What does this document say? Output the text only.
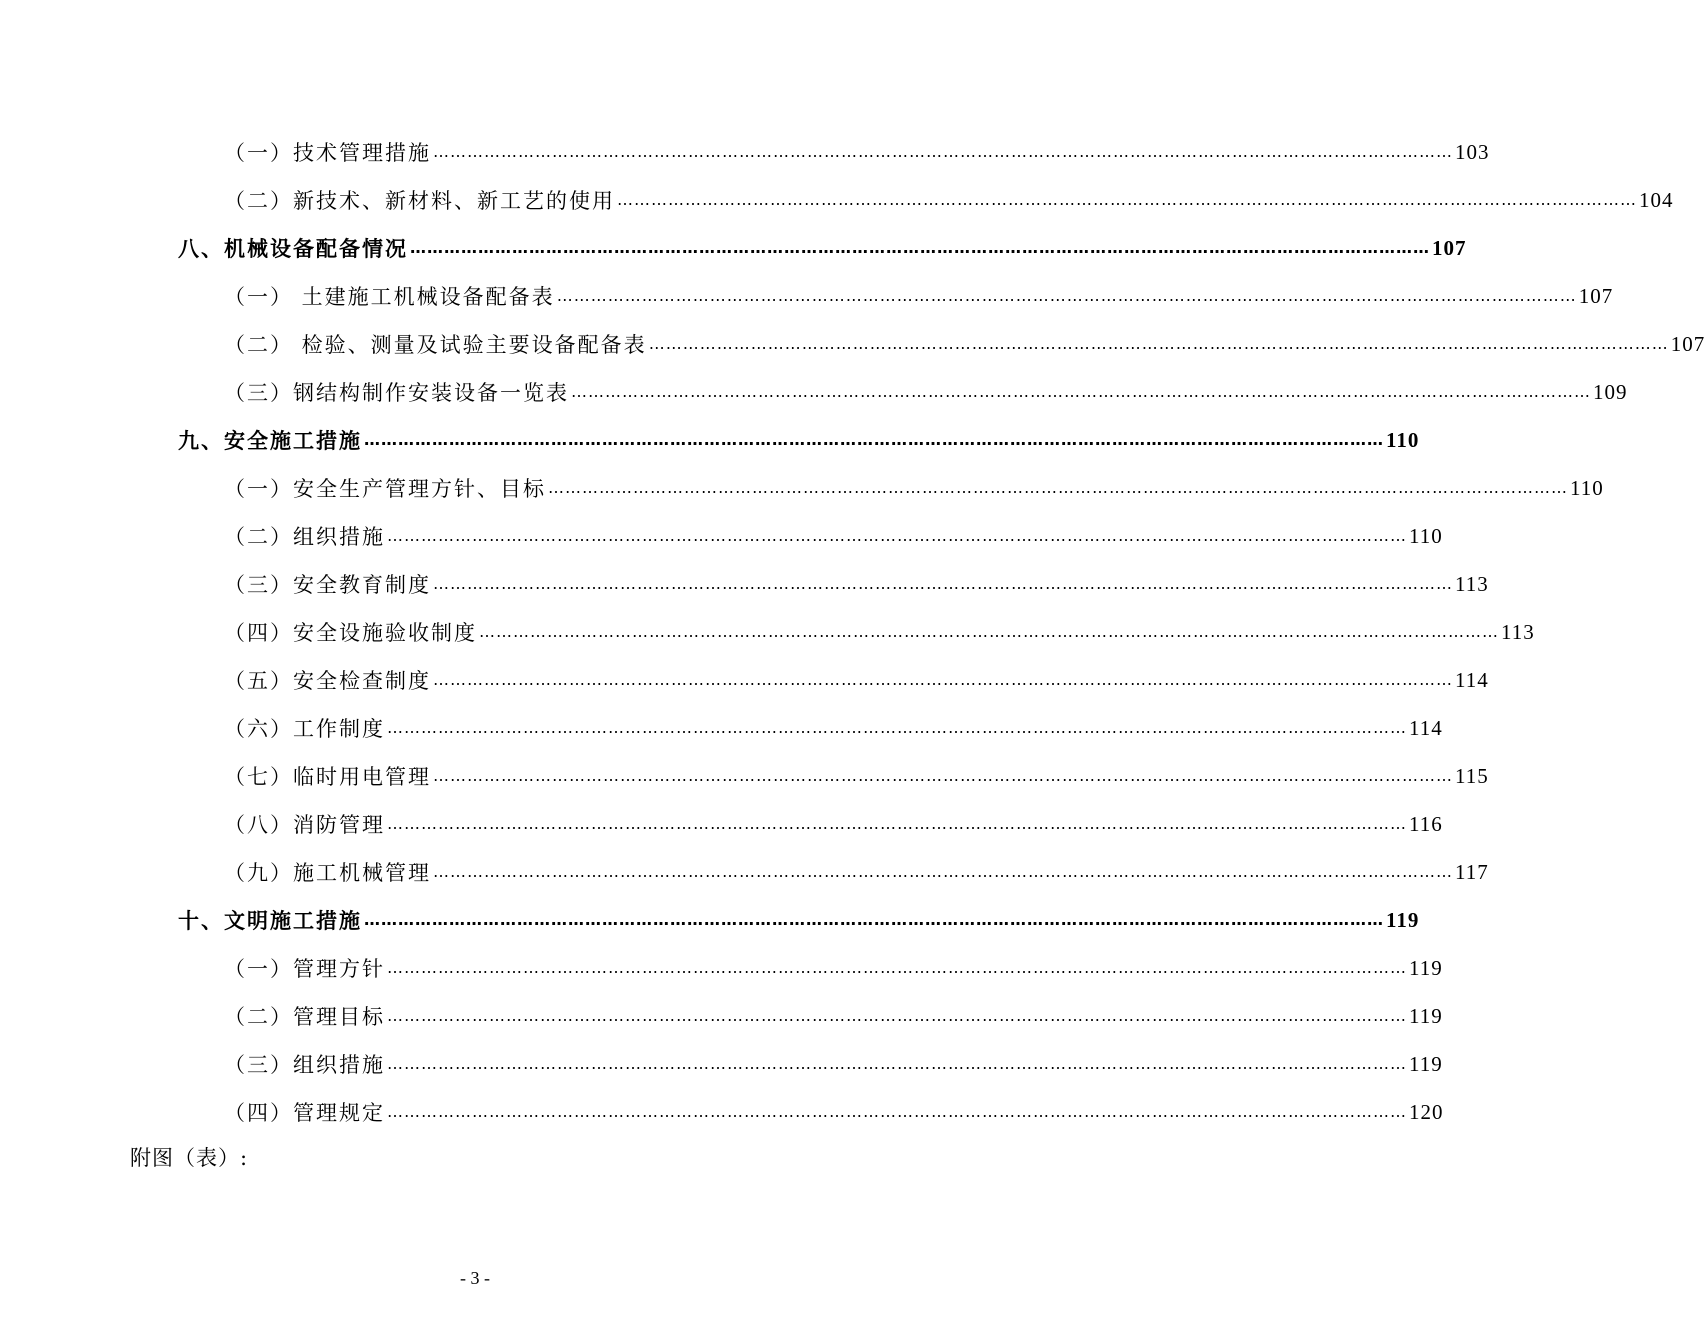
（一）技术管理措施 ……………………………………………………………………………………………………………………………………………………………… 103
（二）新技术、新材料、新工艺的使用 ……………………………………………………………………………………………………………………………………………………………… 104
八、机械设备配备情况 ……………………………………………………………………………………………………………………………………………………………… 107
（一） 土建施工机械设备配备表 ……………………………………………………………………………………………………………………………………………………………… 107
（二） 检验、测量及试验主要设备配备表 ……………………………………………………………………………………………………………………………………………………………… 107
（三）钢结构制作安装设备一览表 ……………………………………………………………………………………………………………………………………………………………… 109
九、安全施工措施 ……………………………………………………………………………………………………………………………………………………………… 110
（一）安全生产管理方针、目标 ……………………………………………………………………………………………………………………………………………………………… 110
（二）组织措施 ……………………………………………………………………………………………………………………………………………………………… 110
（三）安全教育制度 ……………………………………………………………………………………………………………………………………………………………… 113
（四）安全设施验收制度 ……………………………………………………………………………………………………………………………………………………………… 113
（五）安全检查制度 ……………………………………………………………………………………………………………………………………………………………… 114
（六）工作制度 ……………………………………………………………………………………………………………………………………………………………… 114
（七）临时用电管理 ……………………………………………………………………………………………………………………………………………………………… 115
（八）消防管理 ……………………………………………………………………………………………………………………………………………………………… 116
（九）施工机械管理 ……………………………………………………………………………………………………………………………………………………………… 117
十、文明施工措施 ……………………………………………………………………………………………………………………………………………………………… 119
（一）管理方针 ……………………………………………………………………………………………………………………………………………………………… 119
（二）管理目标 ……………………………………………………………………………………………………………………………………………………………… 119
（三）组织措施 ……………………………………………………………………………………………………………………………………………………………… 119
（四）管理规定 ……………………………………………………………………………………………………………………………………………………………… 120
附图（表）:
- 3 -
